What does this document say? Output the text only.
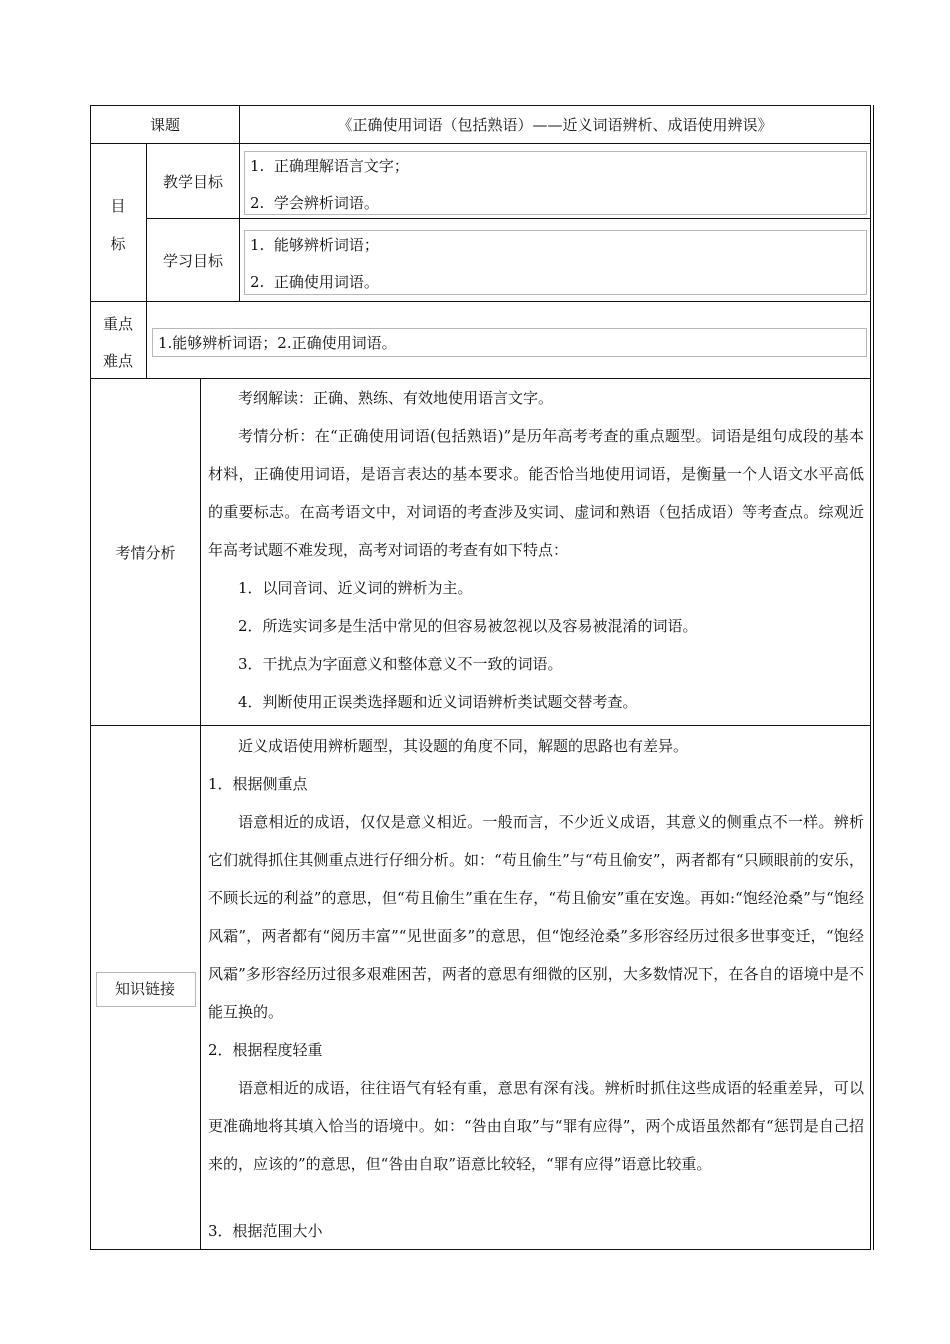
课题	《正确使用词语（包括熟语）——近义词语辨析、成语使用辨误》
目
标
教学目标
1.  正确理解语言文字；
2.  学会辨析词语。
学习目标
1.  能够辨析词语；
2.  正确使用词语。
重点
难点
1.能够辨析词语；2.正确使用词语。
考情分析
考纲解读：正确、熟练、有效地使用语言文字。
考情分析：在“正确使用词语(包括熟语)”是历年高考考查的重点题型。词语是组句成段的基本材料，正确使用词语，是语言表达的基本要求。能否恰当地使用词语，是衡量一个人语文水平高低的重要标志。在高考语文中，对词语的考查涉及实词、虚词和熟语（包括成语）等考查点。综观近年高考试题不难发现，高考对词语的考查有如下特点：
1．以同音词、近义词的辨析为主。
2．所选实词多是生活中常见的但容易被忽视以及容易被混淆的词语。
3．干扰点为字面意义和整体意义不一致的词语。
4．判断使用正误类选择题和近义词语辨析类试题交替考查。
知识链接
近义成语使用辨析题型，其设题的角度不同，解题的思路也有差异。
1．根据侧重点
语意相近的成语，仅仅是意义相近。一般而言，不少近义成语，其意义的侧重点不一样。辨析它们就得抓住其侧重点进行仔细分析。如：“苟且偷生”与“苟且偷安”，两者都有“只顾眼前的安乐，不顾长远的利益”的意思，但“苟且偷生”重在生存，“苟且偷安”重在安逸。再如:“饱经沧桑”与“饱经风霜”，两者都有“阅历丰富”“见世面多”的意思，但“饱经沧桑”多形容经历过很多世事变迁，“饱经风霜”多形容经历过很多艰难困苦，两者的意思有细微的区别，大多数情况下，在各自的语境中是不能互换的。
2．根据程度轻重
语意相近的成语，往往语气有轻有重，意思有深有浅。辨析时抓住这些成语的轻重差异，可以更准确地将其填入恰当的语境中。如：“咎由自取”与“罪有应得”，两个成语虽然都有“惩罚是自己招来的，应该的”的意思，但“咎由自取”语意比较轻，“罪有应得”语意比较重。
3．根据范围大小
